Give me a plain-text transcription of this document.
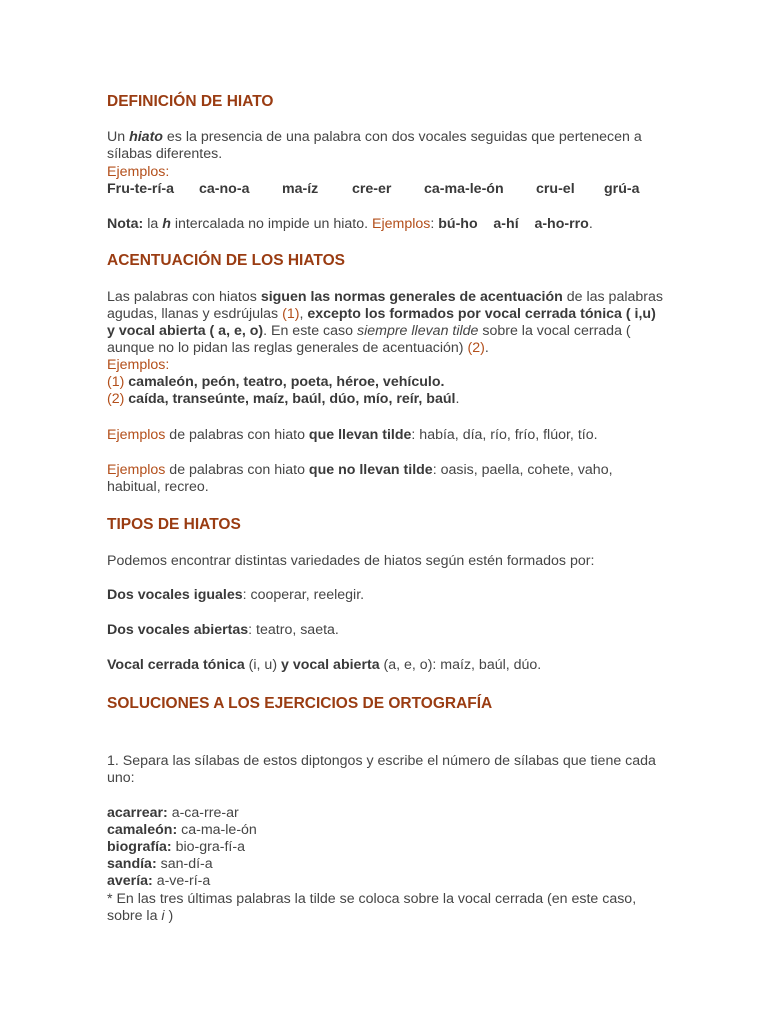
DEFINICIÓN DE HIATO
Un hiato es la presencia de una palabra con dos vocales seguidas que pertenecen a sílabas diferentes.
Ejemplos:
Fru-te-rí-a ca-no-a ma-íz cre-er ca-ma-le-ón cru-el grú-a
Nota: la h intercalada no impide un hiato. Ejemplos: bú-ho a-hí a-ho-rro.
ACENTUACIÓN DE LOS HIATOS
Las palabras con hiatos siguen las normas generales de acentuación de las palabras agudas, llanas y esdrújulas (1), excepto los formados por vocal cerrada tónica ( i,u) y vocal abierta ( a, e, o). En este caso siempre llevan tilde sobre la vocal cerrada ( aunque no lo pidan las reglas generales de acentuación) (2).
Ejemplos:
(1) camaleón, peón, teatro, poeta, héroe, vehículo.
(2) caída, transeúnte, maíz, baúl, dúo, mío, reír, baúl.
Ejemplos de palabras con hiato que llevan tilde: había, día, río, frío, flúor, tío.
Ejemplos de palabras con hiato que no llevan tilde: oasis, paella, cohete, vaho, habitual, recreo.
TIPOS DE HIATOS
Podemos encontrar distintas variedades de hiatos según estén formados por:
Dos vocales iguales: cooperar, reelegir.
Dos vocales abiertas: teatro, saeta.
Vocal cerrada tónica (i, u) y vocal abierta (a, e, o): maíz, baúl, dúo.
SOLUCIONES A LOS EJERCICIOS DE ORTOGRAFÍA
1. Separa las sílabas de estos diptongos y escribe el número de sílabas que tiene cada uno:
acarrear: a-ca-rre-ar
camaleón: ca-ma-le-ón
biografía: bio-gra-fí-a
sandía: san-dí-a
avería: a-ve-rí-a
* En las tres últimas palabras la tilde se coloca sobre la vocal cerrada (en este caso, sobre la i )
